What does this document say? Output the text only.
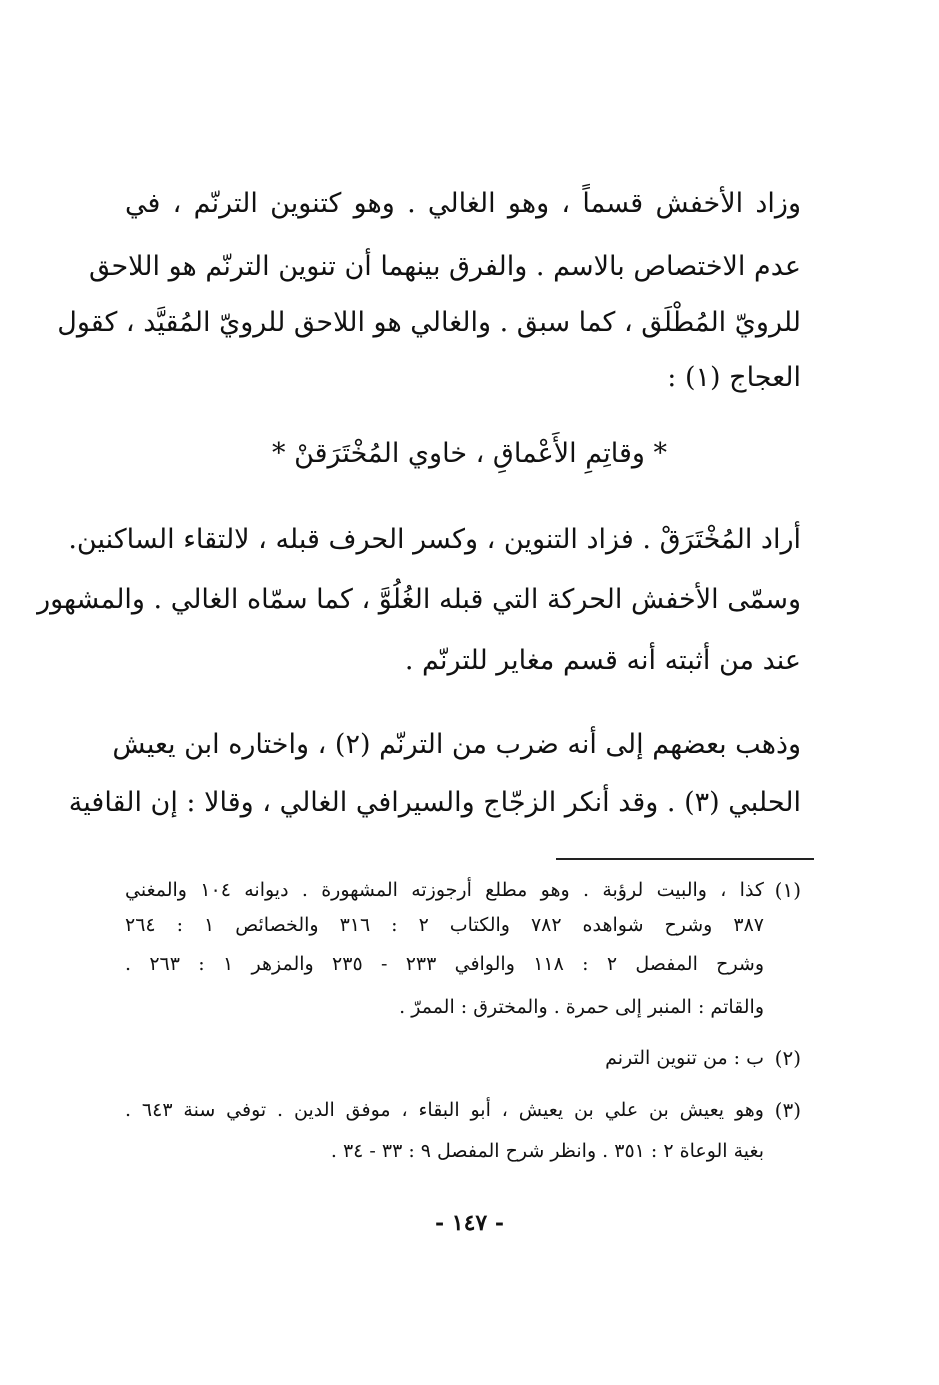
وزاد الأخفش قسماً ، وهو الغالي . وهو كتنوين الترنّم ، في
عدم الاختصاص بالاسم . والفرق بينهما أن تنوين الترنّم هو اللاحق
للرويّ المُطْلَق ، كما سبق . والغالي هو اللاحق للرويّ المُقيَّد ، كقول
العجاج (١) :
* وقاتِمِ الأَعْماقِ ، خاوي المُخْتَرَقنْ *
أراد المُخْتَرَقْ . فزاد التنوين ، وكسر الحرف قبله ، لالتقاء الساكنين.
وسمّى الأخفش الحركة التي قبله الغُلُوَّ ، كما سمّاه الغالي . والمشهور
عند من أثبته أنه قسم مغاير للترنّم .
وذهب بعضهم إلى أنه ضرب من الترنّم (٢) ، واختاره ابن يعيش
الحلبي (٣) . وقد أنكر الزجّاج والسيرافي الغالي ، وقالا : إن القافية
(١)
كذا ، والبيت لرؤبة . وهو مطلع أرجوزته المشهورة . ديوانه ١٠٤ والمغني
٣٨٧ وشرح شواهده ٧٨٢ والكتاب ٢ : ٣١٦ والخصائص ١ : ٢٦٤
وشرح المفصل ٢ : ١١٨ والوافي ٢٣٣ - ٢٣٥ والمزهر ١ : ٢٦٣ .
والقاتم : المنبر إلى حمرة . والمخترق : الممرّ .
(٢)
ب : من تنوين الترنم
(٣)
وهو يعيش بن علي بن يعيش ، أبو البقاء ، موفق الدين . توفي سنة ٦٤٣ .
بغية الوعاة ٢ : ٣٥١ . وانظر شرح المفصل ٩ : ٣٣ - ٣٤ .
- ١٤٧ -
